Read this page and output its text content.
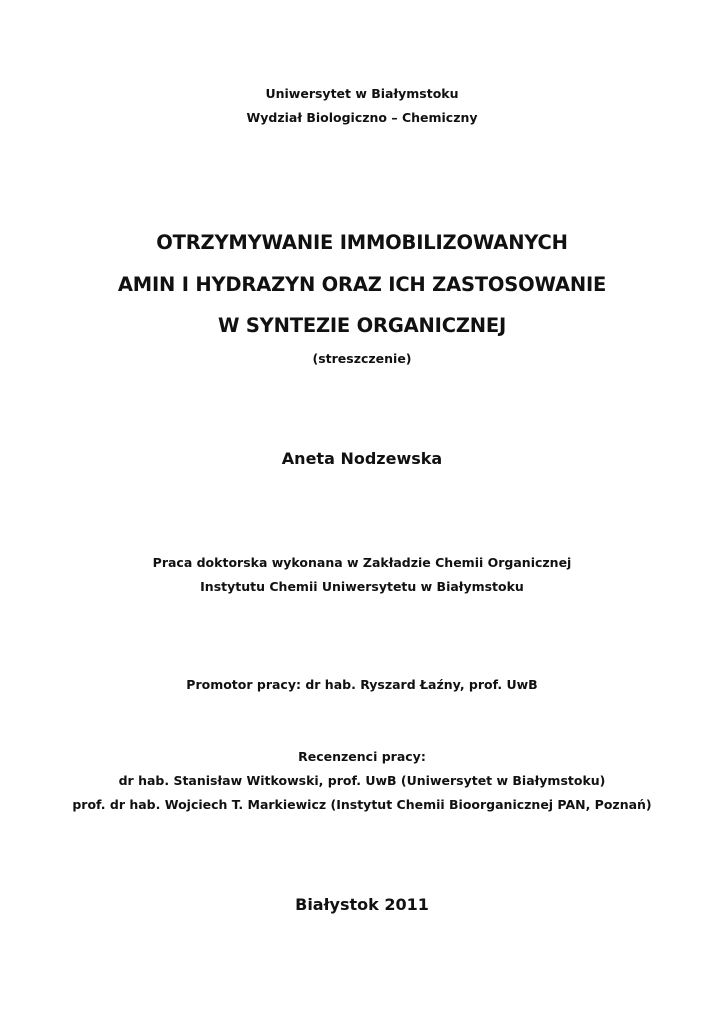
Uniwersytet w Białymstoku
Wydział Biologiczno – Chemiczny
OTRZYMYWANIE IMMOBILIZOWANYCH
AMIN I HYDRAZYN ORAZ ICH ZASTOSOWANIE
W SYNTEZIE ORGANICZNEJ
(streszczenie)
Aneta Nodzewska
Praca doktorska wykonana w Zakładzie Chemii Organicznej
Instytutu Chemii Uniwersytetu w Białymstoku
Promotor pracy: dr hab. Ryszard Łaźny, prof. UwB
Recenzenci pracy:
dr hab. Stanisław Witkowski, prof. UwB (Uniwersytet w Białymstoku)
prof. dr hab. Wojciech T. Markiewicz (Instytut Chemii Bioorganicznej PAN, Poznań)
Białystok 2011
